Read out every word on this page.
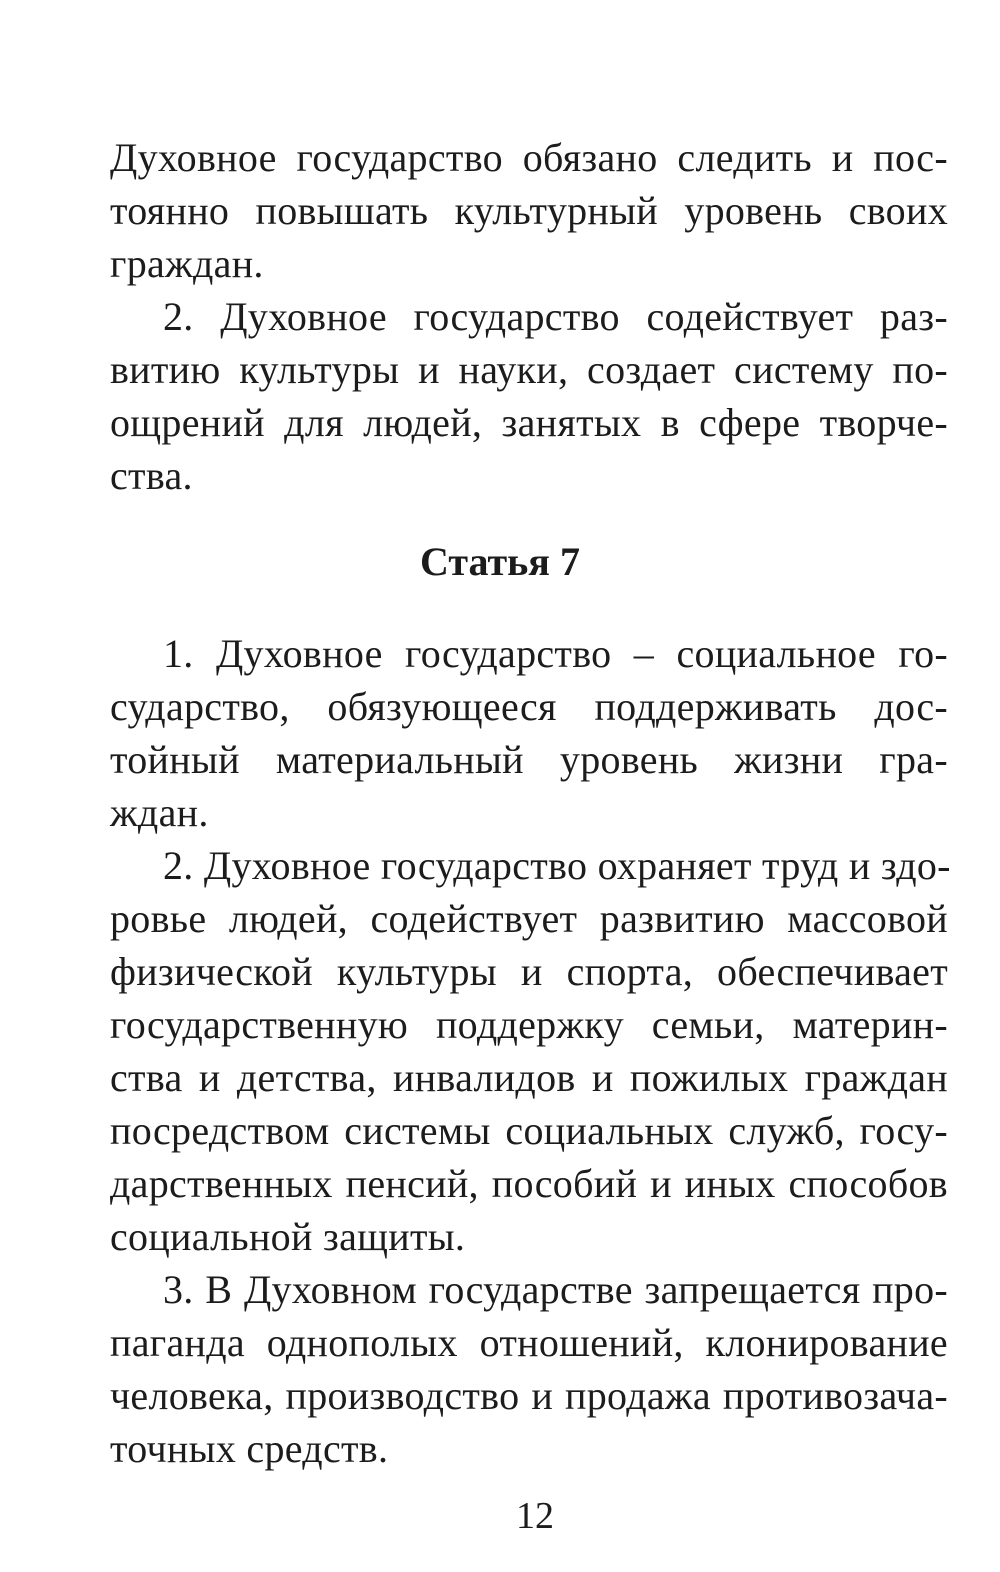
Духовное государство обязано следить и пос-
тоянно повышать культурный уровень своих
граждан.
2. Духовное государство содействует раз-
витию культуры и науки, создает систему по-
ощрений для людей, занятых в сфере творче-
ства.
Статья 7
1. Духовное государство – социальное го-
сударство, обязующееся поддерживать дос-
тойный материальный уровень жизни гра-
ждан.
2. Духовное государство охраняет труд и здо-
ровье людей, содействует развитию массовой
физической культуры и спорта, обеспечивает
государственную поддержку семьи, материн-
ства и детства, инвалидов и пожилых граждан
посредством системы социальных служб, госу-
дарственных пенсий, пособий и иных способов
социальной защиты.
3. В Духовном государстве запрещается про-
паганда однополых отношений, клонирование
человека, производство и продажа противозача-
точных средств.
12
